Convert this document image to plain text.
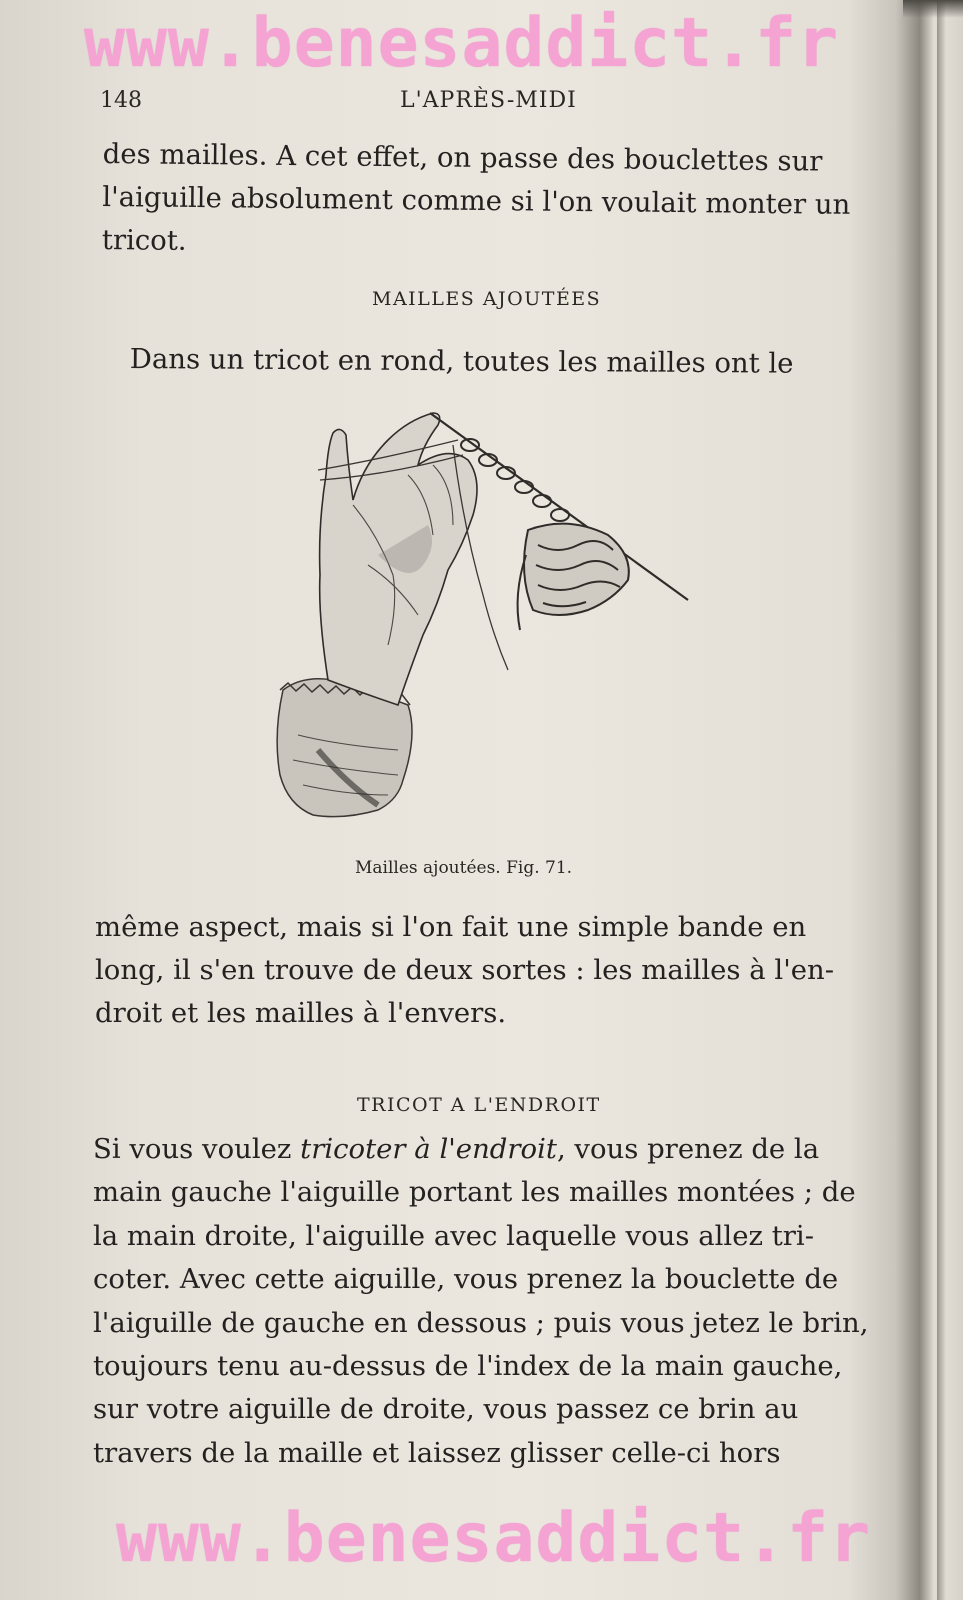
148	L'APRÈS-MIDI

des mailles. A cet effet, on passe des bouclettes sur

l'aiguille absolument comme si l'on voulait monter un

tricot.

MAILLES AJOUTÉES

Dans un tricot en rond, toutes les mailles ont le

Mailles ajoutées. Fig. 71.

même aspect, mais si l'on fait une simple bande en

long, il s'en trouve de deux sortes : les mailles à l'en-

droit et les mailles à l'envers.

TRICOT A L'ENDROIT

Si vous voulez tricoter à l'endroit, vous prenez de la

main gauche l'aiguille portant les mailles montées ; de

la main droite, l'aiguille avec laquelle vous allez tri-

coter. Avec cette aiguille, vous prenez la bouclette de

l'aiguille de gauche en dessous ; puis vous jetez le brin,

toujours tenu au-dessus de l'index de la main gauche,

sur votre aiguille de droite, vous passez ce brin au

travers de la maille et laissez glisser celle-ci hors

www.benesaddict.fr
www.benesaddict.fr
